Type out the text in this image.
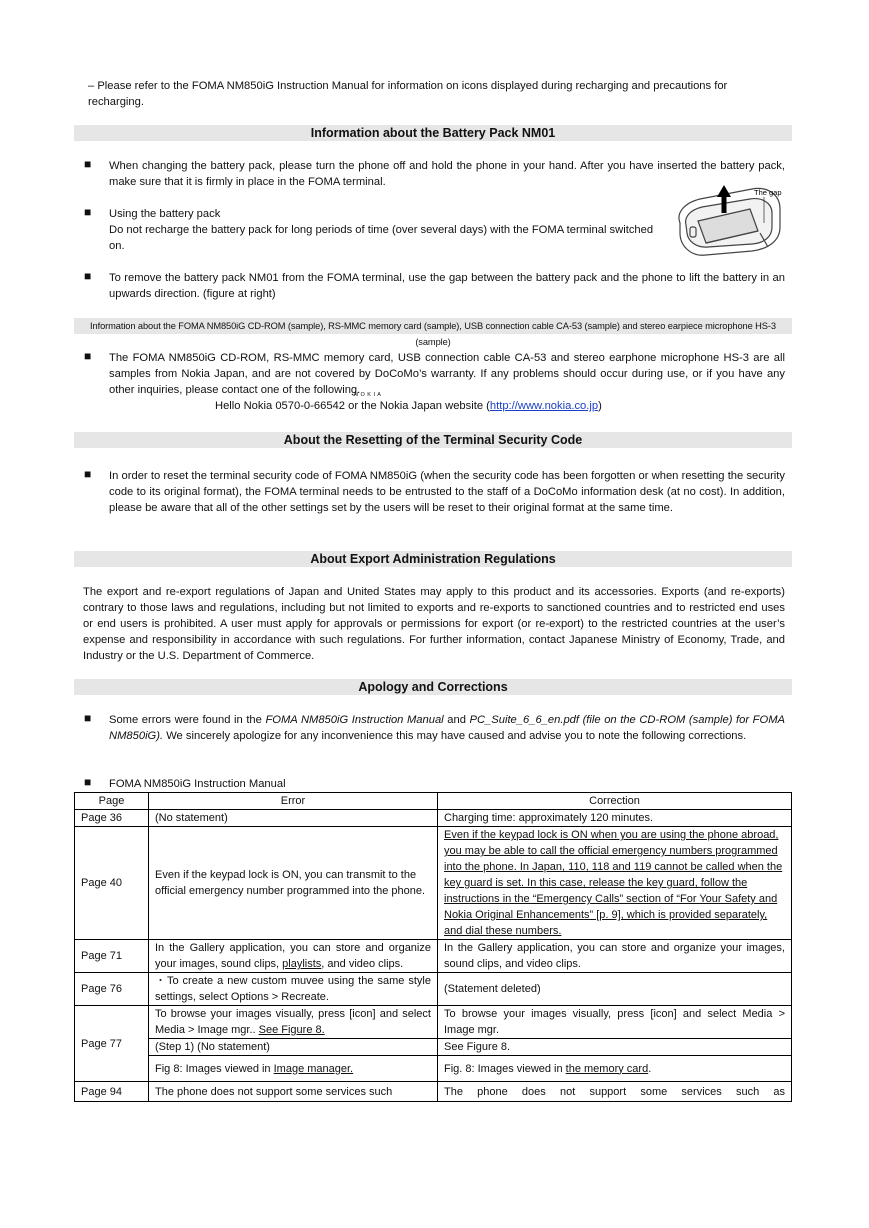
– Please refer to the FOMA NM850iG Instruction Manual for information on icons displayed during recharging and precautions for recharging.
Information about the Battery Pack NM01
■ When changing the battery pack, please turn the phone off and hold the phone in your hand. After you have inserted the battery pack, make sure that it is firmly in place in the FOMA terminal.
■ Using the battery pack
Do not recharge the battery pack for long periods of time (over several days) with the FOMA terminal switched on.
The gap
■ To remove the battery pack NM01 from the FOMA terminal, use the gap between the battery pack and the phone to lift the battery in an upwards direction. (figure at right)
Information about the FOMA NM850iG CD-ROM (sample), RS-MMC memory card (sample), USB connection cable CA-53 (sample) and stereo earpiece microphone HS-3 (sample)
■ The FOMA NM850iG CD-ROM, RS-MMC memory card, USB connection cable CA-53 and stereo earphone microphone HS-3 are all samples from Nokia Japan, and are not covered by DoCoMo’s warranty. If any problems should occur during use, or if you have any other inquiries, please contact one of the following.
N O K I A
Hello Nokia 0570-0-66542 or the Nokia Japan website (http://www.nokia.co.jp)
About the Resetting of the Terminal Security Code
■ In order to reset the terminal security code of FOMA NM850iG (when the security code has been forgotten or when resetting the security code to its original format), the FOMA terminal needs to be entrusted to the staff of a DoCoMo information desk (at no cost). In addition, please be aware that all of the other settings set by the users will be reset to their original format at the same time.
About Export Administration Regulations
The export and re-export regulations of Japan and United States may apply to this product and its accessories. Exports (and re-exports) contrary to those laws and regulations, including but not limited to exports and re-exports to sanctioned countries and to restricted end uses or end users is prohibited. A user must apply for approvals or permissions for export (or re-export) to the restricted countries at the user’s expense and responsibility in accordance with such regulations. For further information, contact Japanese Ministry of Economy, Trade, and Industry or the U.S. Department of Commerce.
Apology and Corrections
■ Some errors were found in the FOMA NM850iG Instruction Manual and PC_Suite_6_6_en.pdf (file on the CD-ROM (sample) for FOMA NM850iG). We sincerely apologize for any inconvenience this may have caused and advise you to note the following corrections.
■ FOMA NM850iG Instruction Manual
Page	Error	Correction
Page 36	(No statement)	Charging time: approximately 120 minutes.
Page 40	Even if the keypad lock is ON, you can transmit to the official emergency number programmed into the phone.	Even if the keypad lock is ON when you are using the phone abroad, you may be able to call the official emergency numbers programmed into the phone. In Japan, 110, 118 and 119 cannot be called when the key guard is set. In this case, release the key guard, follow the instructions in the “Emergency Calls” section of “For Your Safety and Nokia Original Enhancements” [p. 9], which is provided separately, and dial these numbers.
Page 71	In the Gallery application, you can store and organize your images, sound clips, playlists, and video clips.	In the Gallery application, you can store and organize your images, sound clips, and video clips.
Page 76	・To create a new custom muvee using the same style settings, select Options > Recreate.	(Statement deleted)
Page 77	To browse your images visually, press [icon] and select Media > Image mgr.. See Figure 8.	To browse your images visually, press [icon] and select Media > Image mgr.
	(Step 1) (No statement)	See Figure 8.
	Fig 8: Images viewed in Image manager.	Fig. 8: Images viewed in the memory card.
Page 94	The phone does not support some services such	The phone does not support some services such as
